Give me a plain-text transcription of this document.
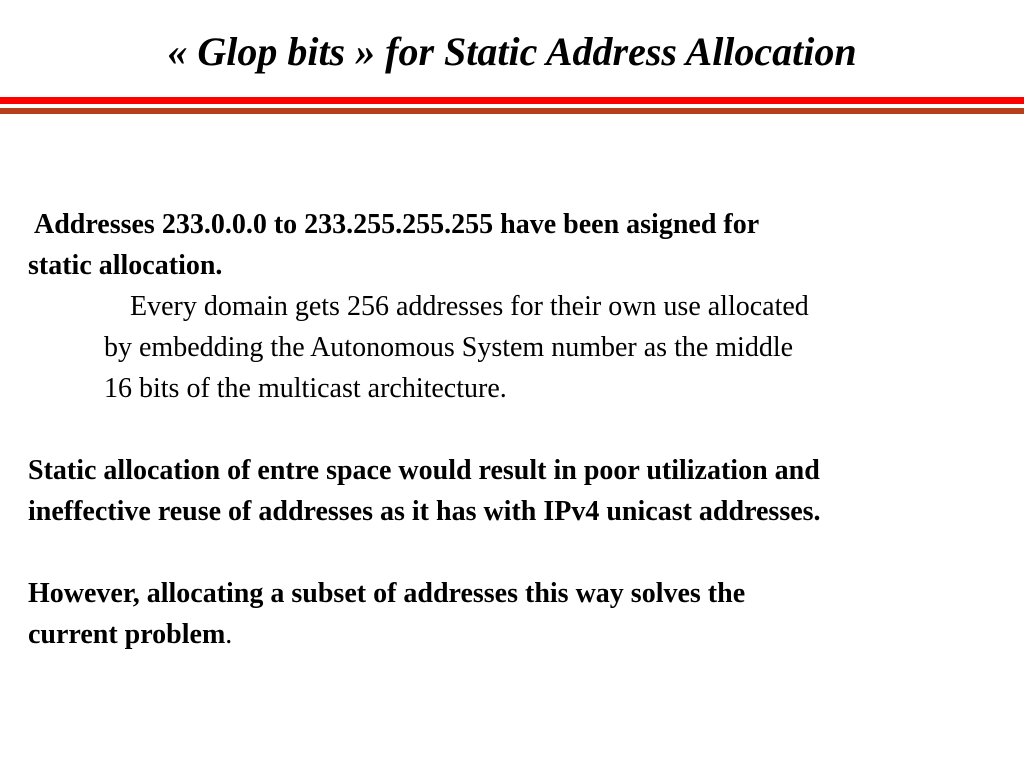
« Glop bits » for Static Address Allocation
Addresses 233.0.0.0 to 233.255.255.255 have been asigned for
static allocation.
Every domain gets 256 addresses for their own use allocated
by embedding the Autonomous System number as the middle
16 bits of the multicast architecture.
Static allocation of entre space would result in poor utilization and
ineffective reuse of addresses as it has with IPv4 unicast addresses.
However, allocating a subset of addresses this way solves the
current problem.
